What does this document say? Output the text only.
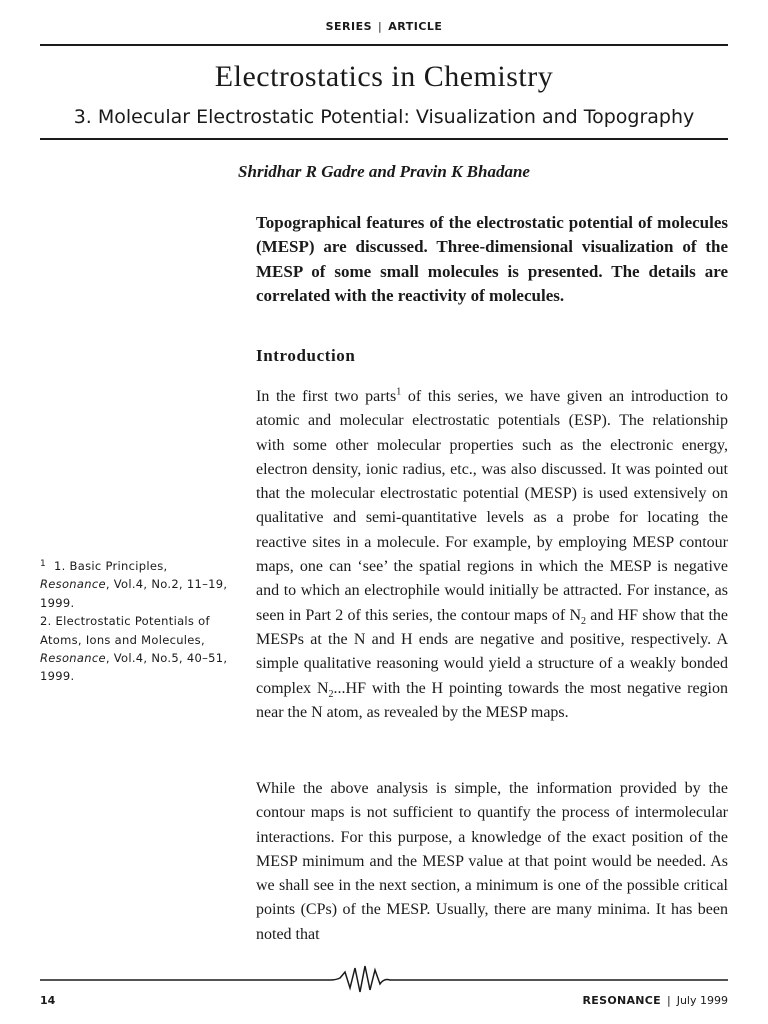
SERIES | ARTICLE
Electrostatics in Chemistry
3. Molecular Electrostatic Potential: Visualization and Topography
Shridhar R Gadre and Pravin K Bhadane
Topographical features of the electrostatic potential of molecules (MESP) are discussed. Three-dimensional visualization of the MESP of some small molecules is presented. The details are correlated with the reactivity of molecules.
Introduction
In the first two parts$^1$ of this series, we have given an introduction to atomic and molecular electrostatic potentials (ESP). The relationship with some other molecular properties such as the electronic energy, electron density, ionic radius, etc., was also discussed. It was pointed out that the molecular electrostatic potential (MESP) is used extensively on qualitative and semi-quantitative levels as a probe for locating the reactive sites in a molecule. For example, by employing MESP contour maps, one can ‘see’ the spatial regions in which the MESP is negative and to which an electrophile would initially be attracted. For instance, as seen in Part 2 of this series, the contour maps of $N_2$ and HF show that the MESPs at the N and H ends are negative and positive, respectively. A simple qualitative reasoning would yield a structure of a weakly bonded complex $N_2...HF$ with the H pointing towards the most negative region near the N atom, as revealed by the MESP maps.
While the above analysis is simple, the information provided by the contour maps is not sufficient to quantify the process of intermolecular interactions. For this purpose, a knowledge of the exact position of the MESP minimum and the MESP value at that point would be needed. As we shall see in the next section, a minimum is one of the possible critical points (CPs) of the MESP. Usually, there are many minima. It has been noted that
$^1$ 1. Basic Principles, Resonance, Vol.4, No.2, 11–19, 1999.
2. Electrostatic Potentials of Atoms, Ions and Molecules, Resonance, Vol.4, No.5, 40–51, 1999.
14	RESONANCE | July 1999
